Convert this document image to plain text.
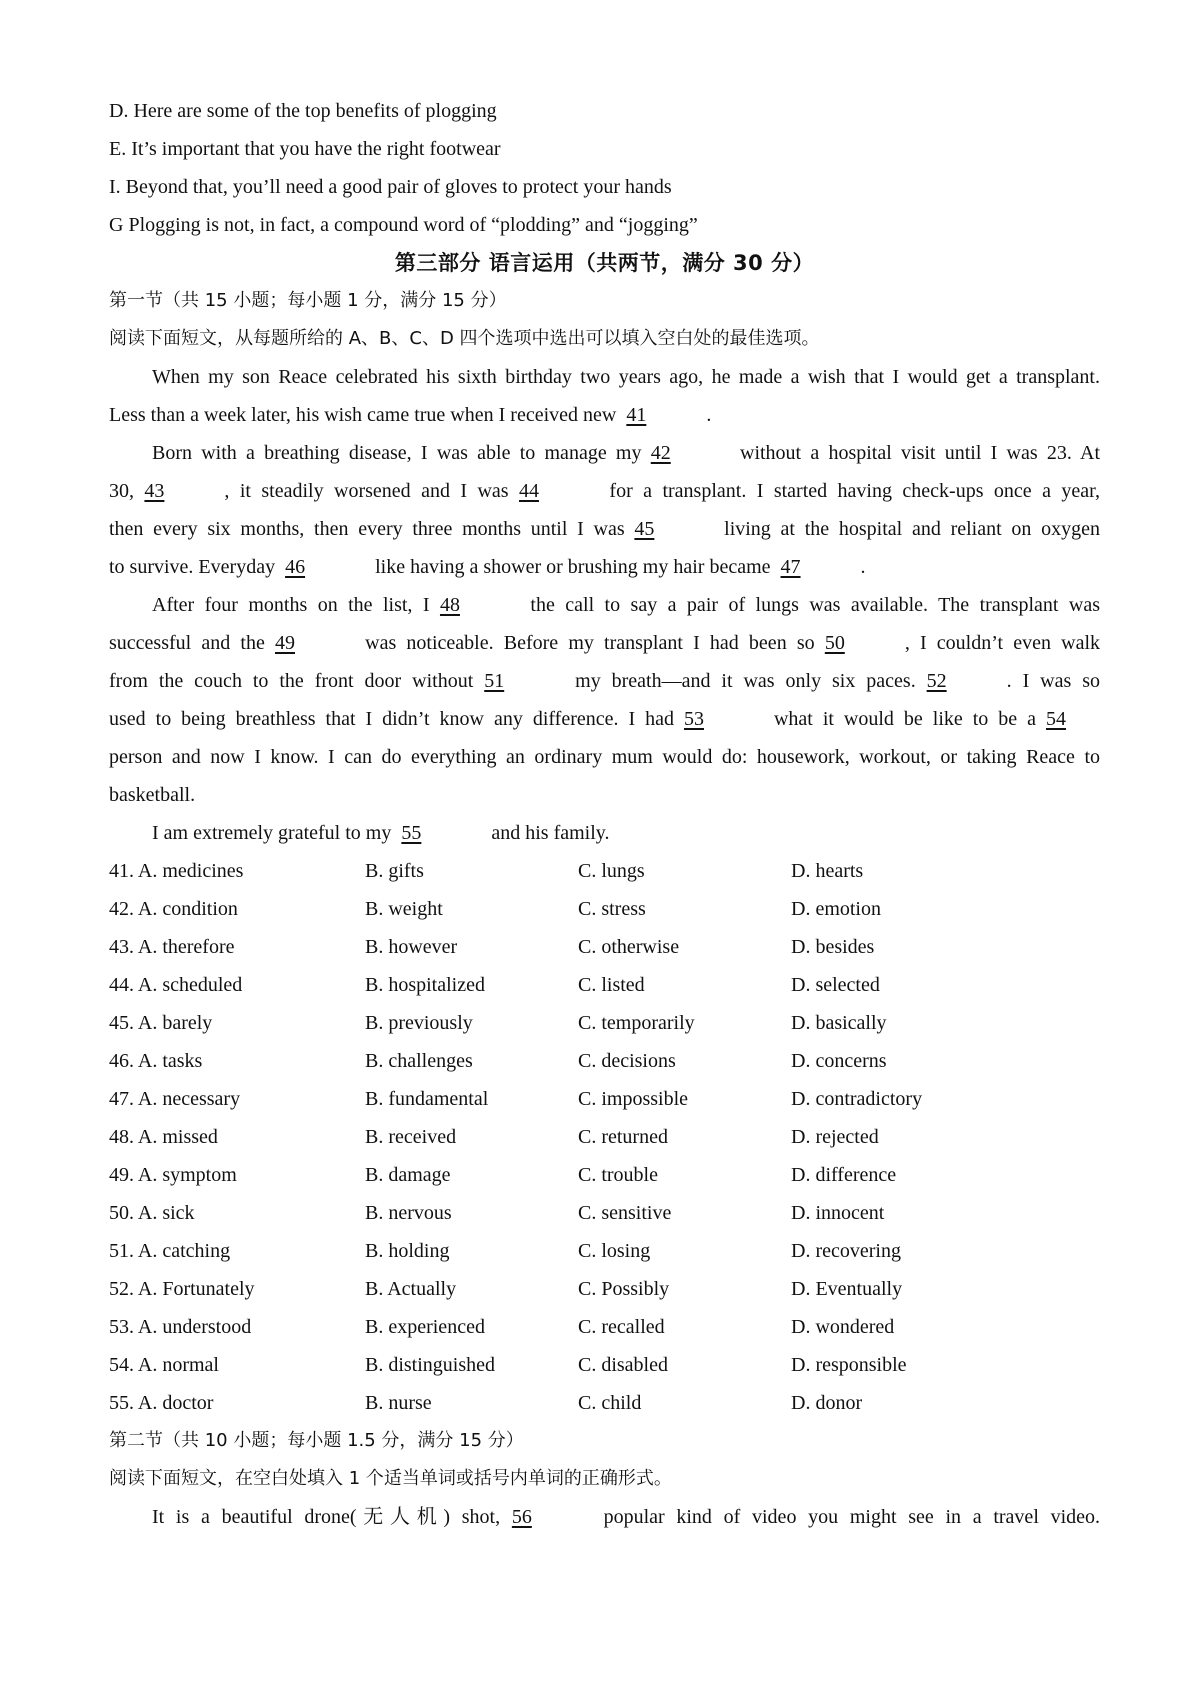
D. Here are some of the top benefits of plogging
E. It’s important that you have the right footwear
I. Beyond that, you’ll need a good pair of gloves to protect your hands
G Plogging is not, in fact, a compound word of “plodding” and “jogging”
第三部分 语言运用（共两节，满分 30 分）
第一节（共 15 小题；每小题 1 分，满分 15 分）
阅读下面短文，从每题所给的 A、B、C、D 四个选项中选出可以填入空白处的最佳选项。
When my son Reace celebrated his sixth birthday two years ago, he made a wish that I would get a transplant.
Less than a week later, his wish came true when I received new 41	.
Born with a breathing disease, I was able to manage my 42	without a hospital visit until I was 23. At
30, 43	, it steadily worsened and I was 44	for a transplant. I started having check-ups once a year,
then every six months, then every three months until I was 45	living at the hospital and reliant on oxygen
to survive. Everyday 46	like having a shower or brushing my hair became 47	.
After four months on the list, I 48	the call to say a pair of lungs was available. The transplant was
successful and the 49	was noticeable. Before my transplant I had been so 50	, I couldn’t even walk
from the couch to the front door without 51	my breath—and it was only six paces. 52	. I was so
used to being breathless that I didn’t know any difference. I had 53	what it would be like to be a 54
person and now I know. I can do everything an ordinary mum would do: housework, workout, or taking Reace to
basketball.
I am extremely grateful to my 55	and his family.
41. A. medicines	B. gifts	C. lungs	D. hearts
42. A. condition	B. weight	C. stress	D. emotion
43. A. therefore	B. however	C. otherwise	D. besides
44. A. scheduled	B. hospitalized	C. listed	D. selected
45. A. barely	B. previously	C. temporarily	D. basically
46. A. tasks	B. challenges	C. decisions	D. concerns
47. A. necessary	B. fundamental	C. impossible	D. contradictory
48. A. missed	B. received	C. returned	D. rejected
49. A. symptom	B. damage	C. trouble	D. difference
50. A. sick	B. nervous	C. sensitive	D. innocent
51. A. catching	B. holding	C. losing	D. recovering
52. A. Fortunately	B. Actually	C. Possibly	D. Eventually
53. A. understood	B. experienced	C. recalled	D. wondered
54. A. normal	B. distinguished	C. disabled	D. responsible
55. A. doctor	B. nurse	C. child	D. donor
第二节（共 10 小题；每小题 1.5 分，满分 15 分）
阅读下面短文，在空白处填入 1 个适当单词或括号内单词的正确形式。
It is a beautiful drone(无人机) shot, 56	popular kind of video you might see in a travel video.
